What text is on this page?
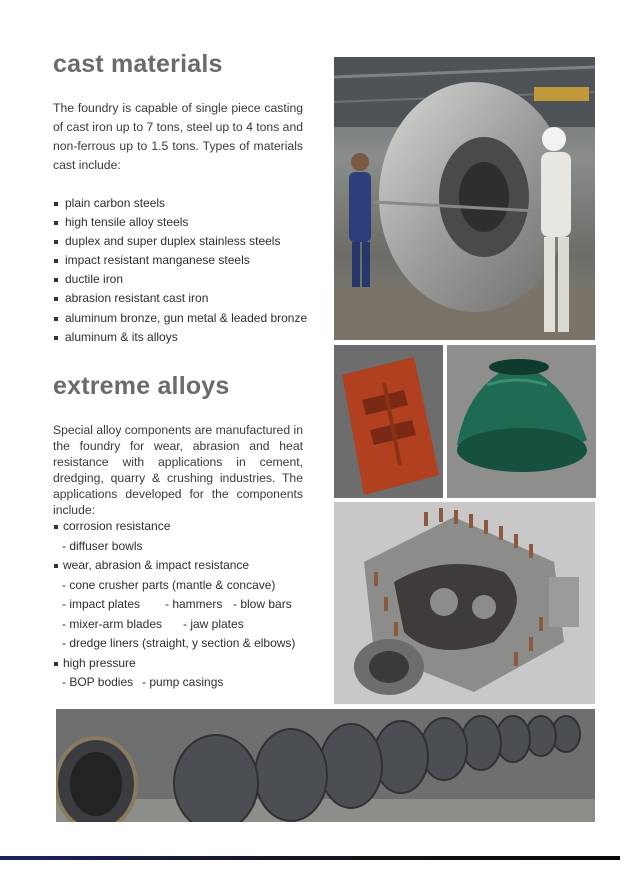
cast materials

The foundry is capable of single piece casting of cast iron up to 7 tons, steel up to 4 tons and non-ferrous up to 1.5 tons. Types of materials cast include:

plain carbon steels
high tensile alloy steels
duplex and super duplex stainless steels
impact resistant manganese steels
ductile iron
abrasion resistant cast iron
aluminum bronze, gun metal & leaded bronze
aluminum & its alloys
extreme alloys

Special alloy components are manufactured in the foundry for wear, abrasion and heat resistance with applications in cement, dredging, quarry & crushing industries. The applications developed for the components include:

corrosion resistance
- diffuser bowls
wear, abrasion & impact resistance
- cone crusher parts (mantle & concave)
- impact plates - hammers - blow bars
- mixer-arm blades - jaw plates
- dredge liners (straight, y section & elbows)
high pressure
- BOP bodies - pump casings
